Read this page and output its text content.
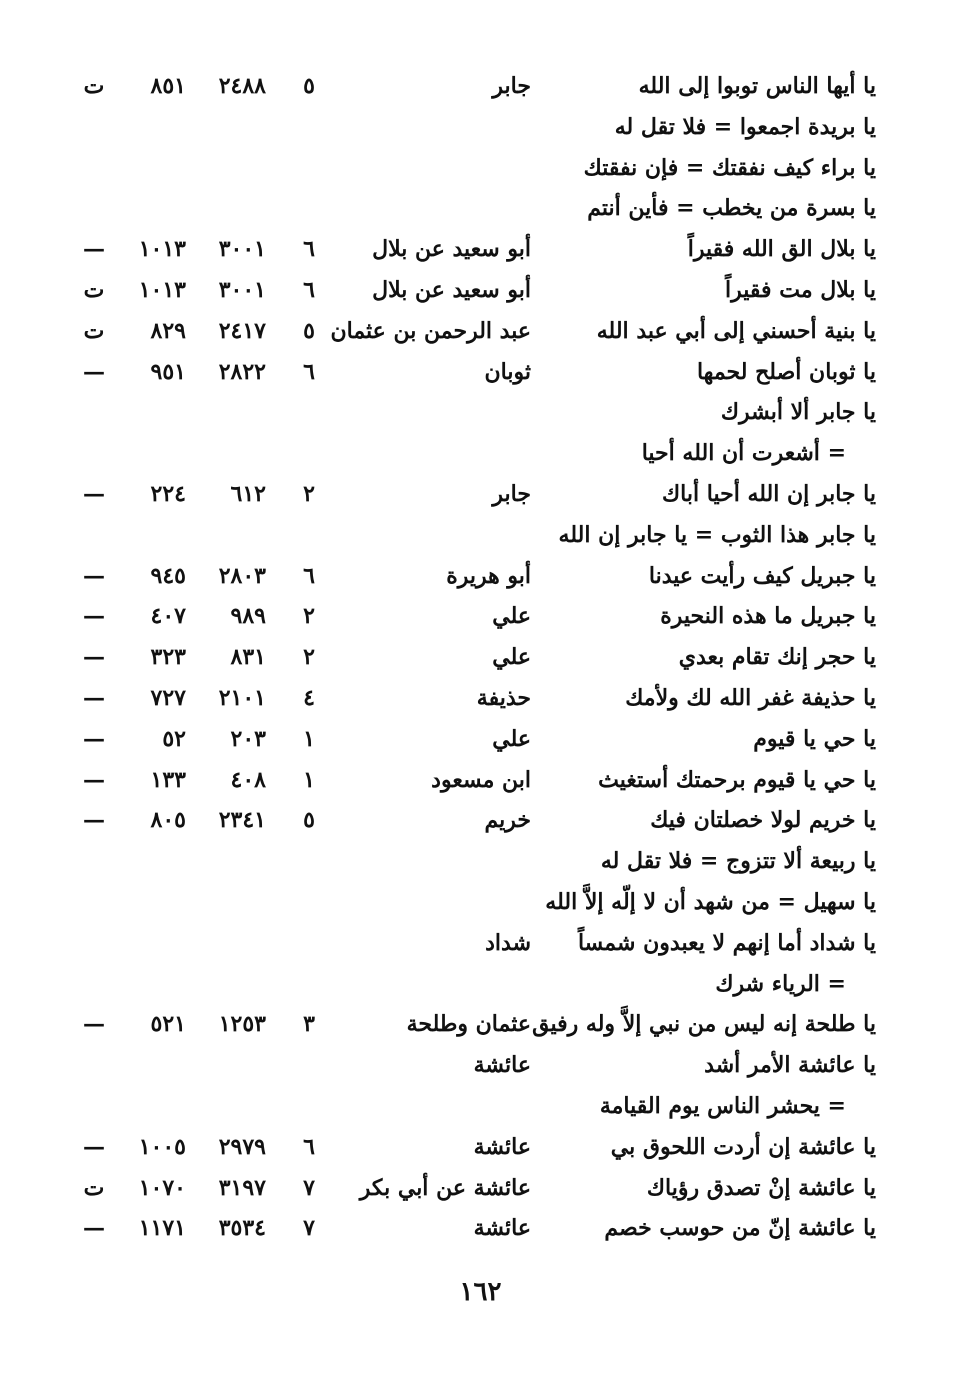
يا أيها الناس توبوا إلى الله
جابر
٥
٢٤٨٨
٨٥١
ت
يا بريدة اجمعوا = فلا تقل له
يا براء كيف نفقتك = فإن نفقتك
يا بسرة من يخطب = فأين أنتم
يا بلال الق الله فقيراً
أبو سعيد عن بلال
٦
٣٠٠١
١٠١٣
—
يا بلال مت فقيراً
أبو سعيد عن بلال
٦
٣٠٠١
١٠١٣
ت
يا بنية أحسني إلى أبي عبد الله
عبد الرحمن بن عثمان
٥
٢٤١٧
٨٢٩
ت
يا ثوبان أصلح لحمها
ثوبان
٦
٢٨٢٢
٩٥١
—
يا جابر ألا أبشرك
= أشعرت أن الله أحيا
يا جابر إن الله أحيا أباك
جابر
٢
٦١٢
٢٢٤
—
يا جابر هذا الثوب = يا جابر إن الله
يا جبريل كيف رأيت عيدنا
أبو هريرة
٦
٢٨٠٣
٩٤٥
—
يا جبريل ما هذه النحيرة
علي
٢
٩٨٩
٤٠٧
—
يا حجر إنك تقام بعدي
علي
٢
٨٣١
٣٢٣
—
يا حذيفة غفر الله لك ولأمك
حذيفة
٤
٢١٠١
٧٢٧
—
يا حي يا قيوم
علي
١
٢٠٣
٥٢
—
يا حي يا قيوم برحمتك أستغيث
ابن مسعود
١
٤٠٨
١٣٣
—
يا خريم لولا خصلتان فيك
خريم
٥
٢٣٤١
٨٠٥
—
يا ربيعة ألا تتزوج = فلا تقل له
يا سهيل = من شهد أن لا إلّه إلاَّ الله
يا شداد أما إنهم لا يعبدون شمساً
شداد
= الرياء شرك
يا طلحة إنه ليس من نبي إلاَّ وله رفيق
عثمان وطلحة
٣
١٢٥٣
٥٢١
—
يا عائشة الأمر أشد
عائشة
= يحشر الناس يوم القيامة
يا عائشة إن أردت اللحوق بي
عائشة
٦
٢٩٧٩
١٠٠٥
—
يا عائشة إنْ تصدق رؤياك
عائشة عن أبي بكر
٧
٣١٩٧
١٠٧٠
ت
يا عائشة إنّ من حوسب خصم
عائشة
٧
٣٥٣٤
١١٧١
—
١٦٢
